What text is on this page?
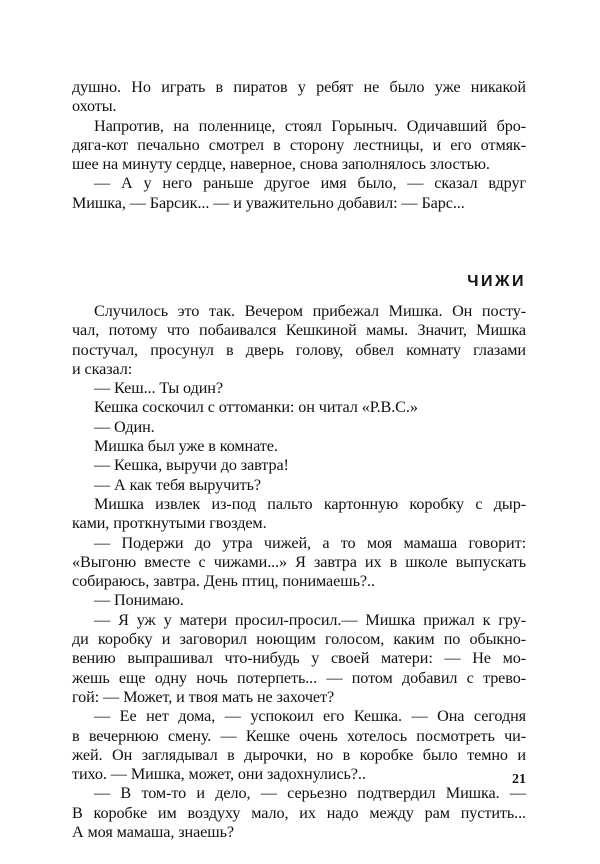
душно. Но играть в пиратов у ребят не было уже никакой
охоты.
Напротив, на поленнице, стоял Горыныч. Одичавший бро-
дяга-кот печально смотрел в сторону лестницы, и его отмяк-
шее на минуту сердце, наверное, снова заполнялось злостью.
— А у него раньше другое имя было, — сказал вдруг
Мишка, — Барсик... — и уважительно добавил: — Барс...
ЧИЖИ
Случилось это так. Вечером прибежал Мишка. Он посту-
чал, потому что побаивался Кешкиной мамы. Значит, Мишка
постучал, просунул в дверь голову, обвел комнату глазами
и сказал:
— Кеш... Ты один?
Кешка соскочил с оттоманки: он читал «Р.В.С.»
— Один.
Мишка был уже в комнате.
— Кешка, выручи до завтра!
— А как тебя выручить?
Мишка извлек из-под пальто картонную коробку с дыр-
ками, проткнутыми гвоздем.
— Подержи до утра чижей, а то моя мамаша говорит:
«Выгоню вместе с чижами...» Я завтра их в школе выпускать
собираюсь, завтра. День птиц, понимаешь?..
— Понимаю.
— Я уж у матери просил-просил.— Мишка прижал к гру-
ди коробку и заговорил ноющим голосом, каким по обыкно-
вению выпрашивал что-нибудь у своей матери: — Не мо-
жешь еще одну ночь потерпеть... — потом добавил с трево-
гой: — Может, и твоя мать не захочет?
— Ее нет дома, — успокоил его Кешка. — Она сегодня
в вечернюю смену. — Кешке очень хотелось посмотреть чи-
жей. Он заглядывал в дырочки, но в коробке было темно и
тихо. — Мишка, может, они задохнулись?..
— В том-то и дело, — серьезно подтвердил Мишка. —
В коробке им воздуху мало, их надо между рам пустить...
А моя мамаша, знаешь?
21
